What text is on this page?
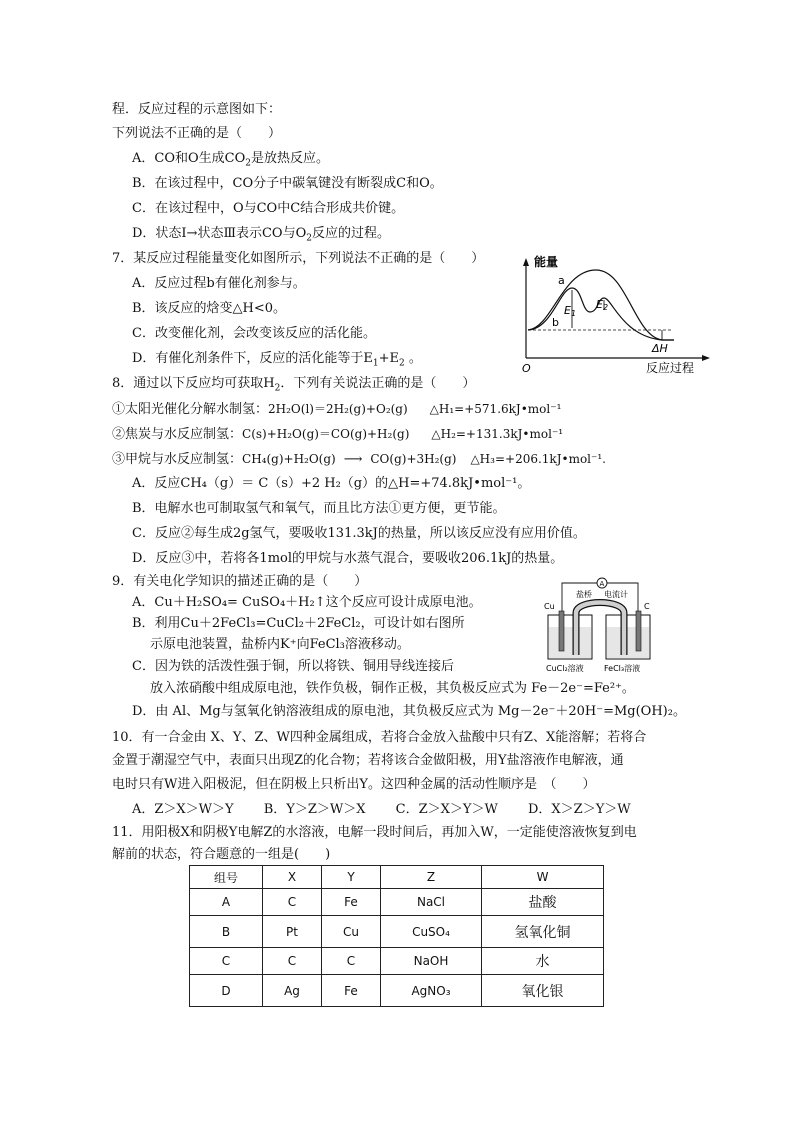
程．反应过程的示意图如下：
下列说法不正确的是（　　）
A．CO和O生成$CO_2$是放热反应。
B．在该过程中，CO分子中碳氧键没有断裂成C和O。
C．在该过程中，O与CO中C结合形成共价键。
D．状态Ⅰ→状态Ⅲ表示CO与$O_2$反应的过程。
7．某反应过程能量变化如图所示，下列说法不正确的是（　　）
A．反应过程b有催化剂参与。
B．该反应的焓变△H<0。
C．改变催化剂，会改变该反应的活化能。
D．有催化剂条件下，反应的活化能等于$E_1+E_2$ 。
能量
反应过程
O
a
b
E1
E2
ΔH
8．通过以下反应均可获取$H_2$．下列有关说法正确的是（　　）
①太阳光催化分解水制氢：2H₂O(l)＝2H₂(g)+O₂(g) △H₁=+571.6kJ•mol⁻¹
②焦炭与水反应制氢：C(s)+H₂O(g)＝CO(g)+H₂(g) △H₂=+131.3kJ•mol⁻¹
③甲烷与水反应制氢：CH₄(g)+H₂O(g) ⟶ CO(g)+3H₂(g) △H₃=+206.1kJ•mol⁻¹.
A．反应CH₄（g）＝ C（s）+2 H₂（g）的△H=+74.8kJ•mol⁻¹。
B．电解水也可制取氢气和氧气，而且比方法①更方便，更节能。
C．反应②每生成2g氢气，要吸收131.3kJ的热量，所以该反应没有应用价值。
D．反应③中，若将各1mol的甲烷与水蒸气混合，要吸收206.1kJ的热量。
9．有关电化学知识的描述正确的是（　　）
A．Cu＋H₂SO₄= CuSO₄＋H₂↑这个反应可设计成原电池。
B．利用Cu＋2FeCl₃=CuCl₂＋2FeCl₂，可设计如右图所
示原电池装置，盐桥内K⁺向FeCl₃溶液移动。
C．因为铁的活泼性强于铜，所以将铁、铜用导线连接后
放入浓硝酸中组成原电池，铁作负极，铜作正极，其负极反应式为 Fe－2e⁻=Fe²⁺。
D．由 Al、Mg与氢氧化钠溶液组成的原电池，其负极反应式为 Mg－2e⁻＋20H⁻=Mg(OH)₂。
A
盐桥 电流计
Cu	C
CuCl₂溶液	FeCl₃溶液
10．有一合金由 X、Y、Z、W四种金属组成，若将合金放入盐酸中只有Z、X能溶解；若将合
金置于潮湿空气中，表面只出现Z的化合物；若将该合金做阳极，用Y盐溶液作电解液，通
电时只有W进入阳极泥，但在阴极上只析出Y。这四种金属的活动性顺序是　（　　）
A．Z＞X＞W＞Y　　 B．Y＞Z＞W＞X　　 C．Z＞X＞Y＞W　　 D．X＞Z＞Y＞W
11．用阳极X和阴极Y电解Z的水溶液，电解一段时间后，再加入W，一定能使溶液恢复到电
解前的状态，符合题意的一组是(　　)
组号	X	Y	Z	W
A	C	Fe	NaCl	盐酸
B	Pt	Cu	CuSO₄	氢氧化铜
C	C	C	NaOH	水
D	Ag	Fe	AgNO₃	氧化银
